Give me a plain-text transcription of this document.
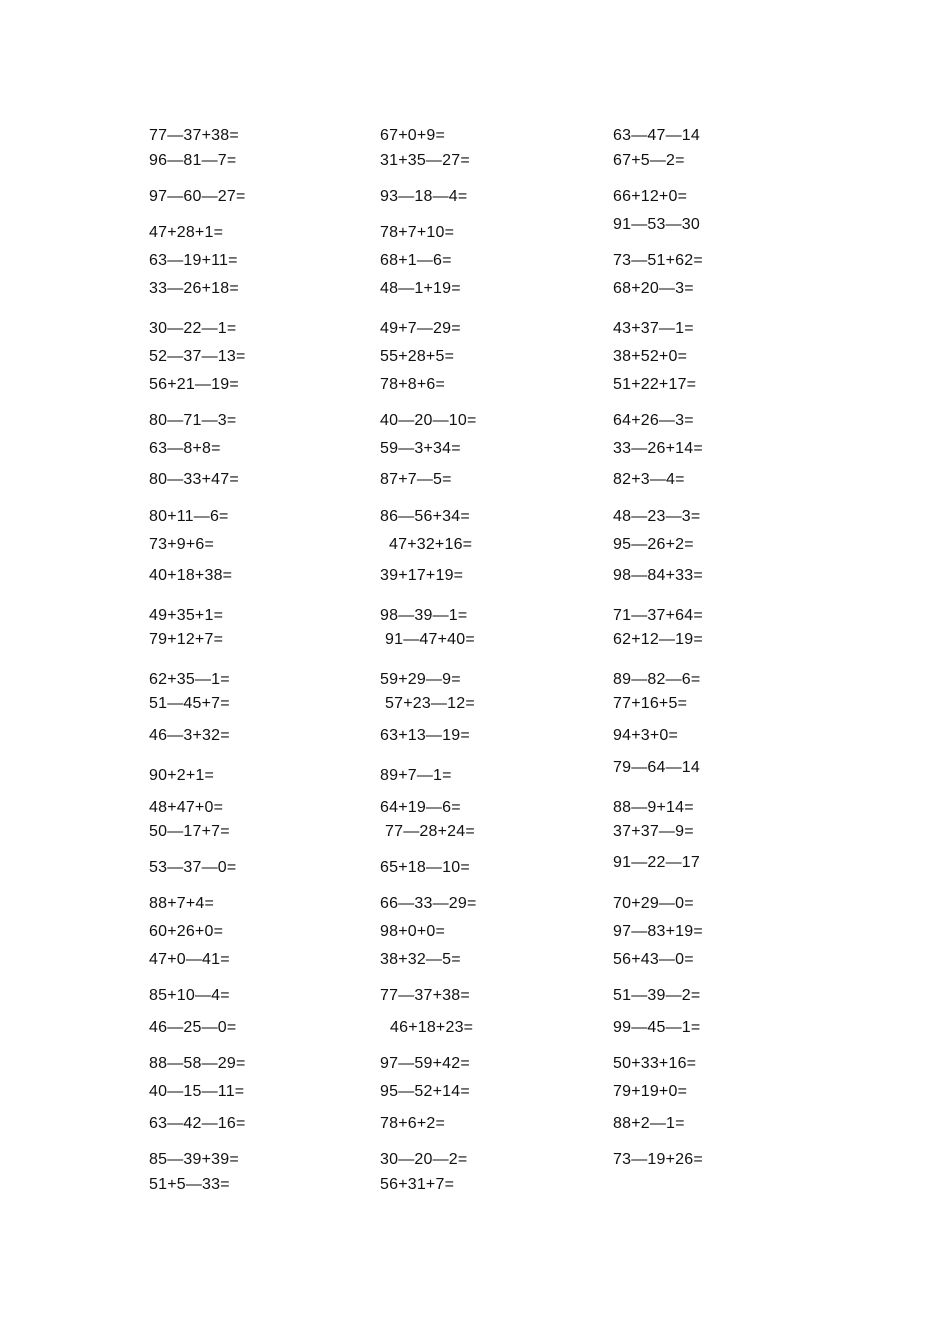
77—37+38=	67+0+9=	63—47—14
96—81—7=	31+35—27=	67+5—2=
97—60—27=	93—18—4=	66+12+0=
47+28+1=	78+7+10=	91—53—30
63—19+11=	68+1—6=	73—51+62=
33—26+18=	48—1+19=	68+20—3=
30—22—1=	49+7—29=	43+37—1=
52—37—13=	55+28+5=	38+52+0=
56+21—19=	78+8+6=	51+22+17=
80—71—3=	40—20—10=	64+26—3=
63—8+8=	59—3+34=	33—26+14=
80—33+47=	87+7—5=	82+3—4=
80+11—6=	86—56+34=	48—23—3=
73+9+6=	47+32+16=	95—26+2=
40+18+38=	39+17+19=	98—84+33=
49+35+1=	98—39—1=	71—37+64=
79+12+7=	91—47+40=	62+12—19=
62+35—1=	59+29—9=	89—82—6=
51—45+7=	57+23—12=	77+16+5=
46—3+32=	63+13—19=	94+3+0=
90+2+1=	89+7—1=	79—64—14
48+47+0=	64+19—6=	88—9+14=
50—17+7=	77—28+24=	37+37—9=
53—37—0=	65+18—10=	91—22—17
88+7+4=	66—33—29=	70+29—0=
60+26+0=	98+0+0=	97—83+19=
47+0—41=	38+32—5=	56+43—0=
85+10—4=	77—37+38=	51—39—2=
46—25—0=	46+18+23=	99—45—1=
88—58—29=	97—59+42=	50+33+16=
40—15—11=	95—52+14=	79+19+0=
63—42—16=	78+6+2=	88+2—1=
85—39+39=	30—20—2=	73—19+26=
51+5—33=	56+31+7=
